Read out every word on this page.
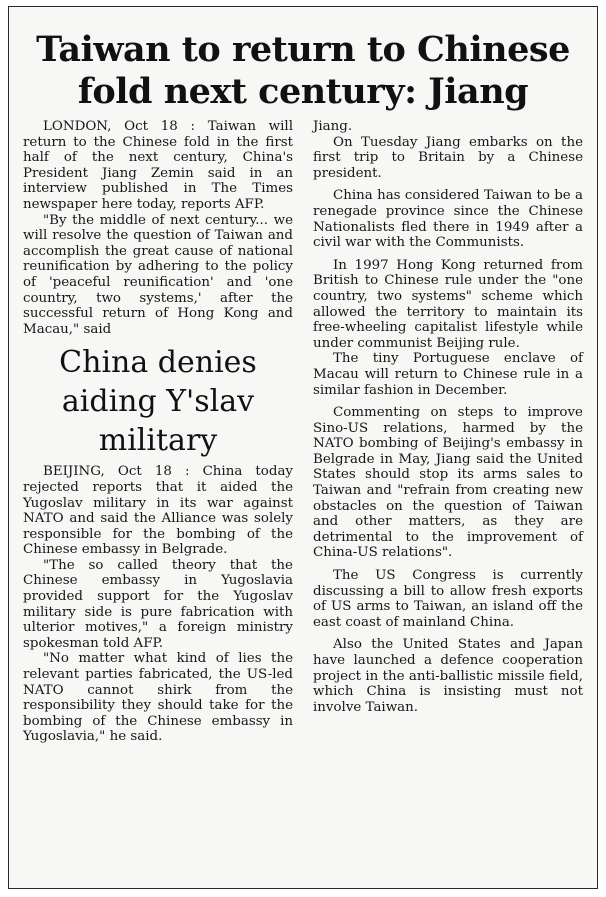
Taiwan to return to Chinese
fold next century: Jiang

LONDON, Oct 18 : Taiwan will return to the Chinese fold in the first half of the next century, China's President Jiang Zemin said in an interview published in The Times newspaper here today, reports AFP.

"By the middle of next century... we will resolve the question of Taiwan and accomplish the great cause of national reunification by adhering to the policy of 'peaceful reunification' and 'one country, two systems,' after the successful return of Hong Kong and Macau," said

China denies
aiding Y'slav
military

BEIJING, Oct 18 : China today rejected reports that it aided the Yugoslav military in its war against NATO and said the Alliance was solely responsible for the bombing of the Chinese embassy in Belgrade.

"The so called theory that the Chinese embassy in Yugoslavia provided support for the Yugoslav military side is pure fabrication with ulterior motives," a foreign ministry spokesman told AFP.

"No matter what kind of lies the relevant parties fabricated, the US-led NATO cannot shirk from the responsibility they should take for the bombing of the Chinese embassy in Yugoslavia," he said.

Jiang.

On Tuesday Jiang embarks on the first trip to Britain by a Chinese president.

China has considered Taiwan to be a renegade province since the Chinese Nationalists fled there in 1949 after a civil war with the Communists.

In 1997 Hong Kong returned from British to Chinese rule under the "one country, two systems" scheme which allowed the territory to maintain its free-wheeling capitalist lifestyle while under communist Beijing rule.

The tiny Portuguese enclave of Macau will return to Chinese rule in a similar fashion in December.

Commenting on steps to improve Sino-US relations, harmed by the NATO bombing of Beijing's embassy in Belgrade in May, Jiang said the United States should stop its arms sales to Taiwan and "refrain from creating new obstacles on the question of Taiwan and other matters, as they are detrimental to the improvement of China-US relations".

The US Congress is currently discussing a bill to allow fresh exports of US arms to Taiwan, an island off the east coast of mainland China.

Also the United States and Japan have launched a defence cooperation project in the anti-ballistic missile field, which China is insisting must not involve Taiwan.
